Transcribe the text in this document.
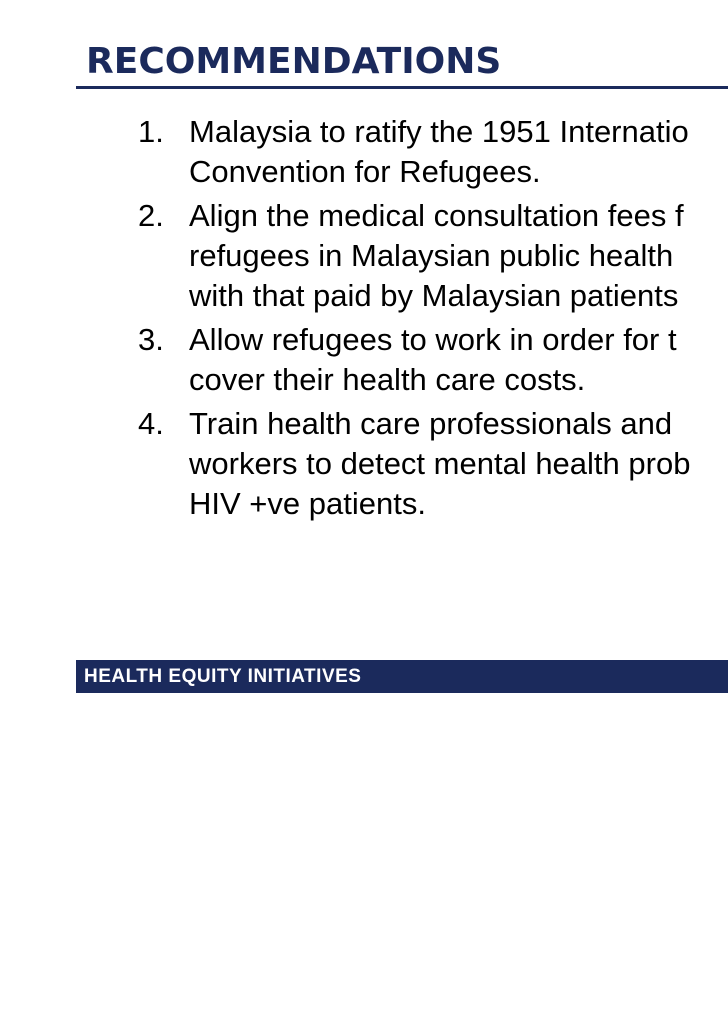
RECOMMENDATIONS
1. Malaysia to ratify the 1951 Internatio
Convention for Refugees.
2. Align the medical consultation fees f
refugees in Malaysian public health
with that paid by Malaysian patients
3. Allow refugees to work in order for t
cover their health care costs.
4. Train health care professionals and
workers to detect mental health prob
HIV +ve patients.
HEALTH EQUITY INITIATIVES
